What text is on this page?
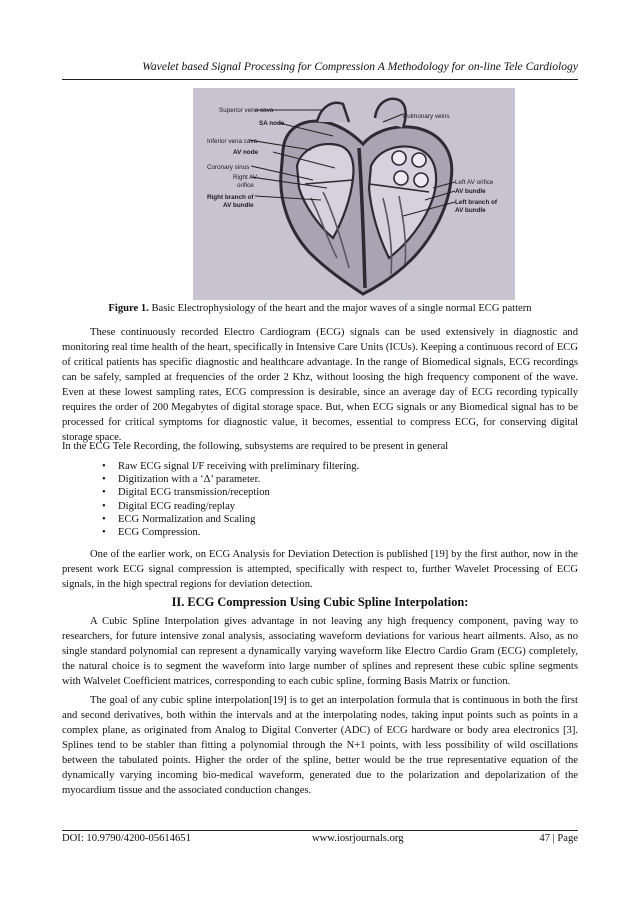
Wavelet based Signal Processing for Compression A Methodology for on-line Tele Cardiology
Superior vena cava
SA node
Inferior vena cava
AV node
Coronary sinus
Right AV
orifice
Right branch of
AV bundle
Pulmonary veins
Left AV orifice
AV bundle
Left branch of
AV bundle
Figure 1. Basic Electrophysiology of the heart and the major waves of a single normal ECG pattern

These continuously recorded Electro Cardiogram (ECG) signals can be used extensively in diagnostic and monitoring real time health of the heart, specifically in Intensive Care Units (ICUs). Keeping a continuous record of ECG of critical patients has specific diagnostic and healthcare advantage. In the range of Biomedical signals, ECG recordings can be safely, sampled at frequencies of the order 2 Khz, without loosing the high frequency component of the wave. Even at these lowest sampling rates, ECG compression is desirable, since an average day of ECG recording typically requires the order of 200 Megabytes of digital storage space. But, when ECG signals or any Biomedical signal has to be processed for critical symptoms for diagnostic value, it becomes, essential to compress ECG, for conserving digital storage space.

In the ECG Tele Recording, the following, subsystems are required to be present in general

• Raw ECG signal I/F receiving with preliminary filtering.
• Digitization with a ‘Δ’ parameter.
• Digital ECG transmission/reception
• Digital ECG reading/replay
• ECG Normalization and Scaling
• ECG Compression.

One of the earlier work, on ECG Analysis for Deviation Detection is published [19] by the first author, now in the present work ECG signal compression is attempted, specifically with respect to, further Wavelet Processing of ECG signals, in the high spectral regions for deviation detection.

II. ECG Compression Using Cubic Spline Interpolation:

A Cubic Spline Interpolation gives advantage in not leaving any high frequency component, paving way to researchers, for future intensive zonal analysis, associating waveform deviations for various heart ailments. Also, as no single standard polynomial can represent a dynamically varying waveform like Electro Cardio Gram (ECG) completely, the natural choice is to segment the waveform into large number of splines and represent these cubic spline segments with Walvelet Coefficient matrices, corresponding to each cubic spline, forming Basis Matrix or function.

The goal of any cubic spline interpolation[19] is to get an interpolation formula that is continuous in both the first and second derivatives, both within the intervals and at the interpolating nodes, taking input points such as points in a complex plane, as originated from Analog to Digital Converter (ADC) of ECG hardware or body area electronics [3]. Splines tend to be stabler than fitting a polynomial through the N+1 points, with less possibility of wild oscillations between the tabulated points. Higher the order of the spline, better would be the true representative equation of the dynamically varying incoming bio-medical waveform, generated due to the polarization and depolarization of the myocardium tissue and the associated conduction changes.

DOI: 10.9790/4200-05614651	www.iosrjournals.org	47 | Page
